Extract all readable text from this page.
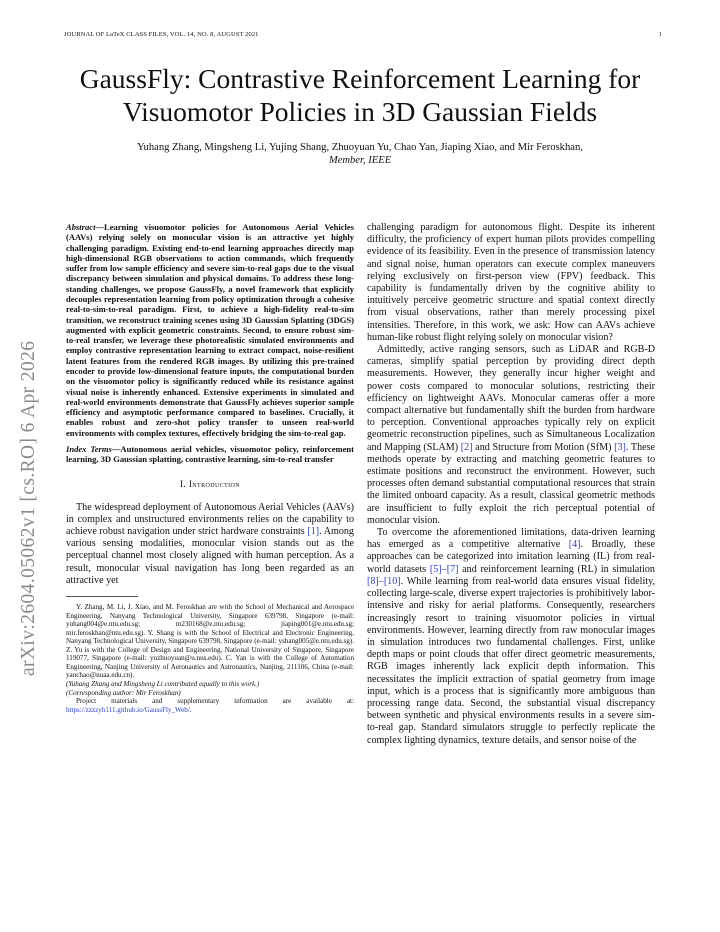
JOURNAL OF LaTeX CLASS FILES, VOL. 14, NO. 8, AUGUST 2021	1
arXiv:2604.05062v1 [cs.RO] 6 Apr 2026
GaussFly: Contrastive Reinforcement Learning for Visuomotor Policies in 3D Gaussian Fields
Yuhang Zhang, Mingsheng Li, Yujing Shang, Zhuoyuan Yu, Chao Yan, Jiaping Xiao, and Mir Feroskhan,
Member, IEEE
Abstract—Learning visuomotor policies for Autonomous Aerial Vehicles (AAVs) relying solely on monocular vision is an attractive yet highly challenging paradigm. Existing end-to-end learning approaches directly map high-dimensional RGB observations to action commands, which frequently suffer from low sample efficiency and severe sim-to-real gaps due to the visual discrepancy between simulation and physical domains. To address these long-standing challenges, we propose GaussFly, a novel framework that explicitly decouples representation learning from policy optimization through a cohesive real-to-sim-to-real paradigm. First, to achieve a high-fidelity real-to-sim transition, we reconstruct training scenes using 3D Gaussian Splatting (3DGS) augmented with explicit geometric constraints. Second, to ensure robust sim-to-real transfer, we leverage these photorealistic simulated environments and employ contrastive representation learning to extract compact, noise-resilient latent features from the rendered RGB images. By utilizing this pre-trained encoder to provide low-dimensional feature inputs, the computational burden on the visuomotor policy is significantly reduced while its resistance against visual noise is inherently enhanced. Extensive experiments in simulated and real-world environments demonstrate that GaussFly achieves superior sample efficiency and asymptotic performance compared to baselines. Crucially, it enables robust and zero-shot policy transfer to unseen real-world environments with complex textures, effectively bridging the sim-to-real gap.
Index Terms—Autonomous aerial vehicles, visuomotor policy, reinforcement learning, 3D Gaussian splatting, contrastive learning, sim-to-real transfer
I. Introduction

The widespread deployment of Autonomous Aerial Vehicles (AAVs) in complex and unstructured environments relies on the capability to achieve robust navigation under strict hardware constraints [1]. Among various sensing modalities, monocular vision stands out as the perceptual channel most closely aligned with human perception. As a result, monocular visual navigation has long been regarded as an attractive yet

Y. Zhang, M. Li, J. Xiao, and M. Feroskhan are with the School of Mechanical and Aerospace Engineering, Nanyang Technological University, Singapore 639798, Singapore (e-mail: yuhang004@e.ntu.edu.sg; m230168@e.ntu.edu.sg; jiaping001@e.ntu.edu.sg; mir.feroskhan@ntu.edu.sg). Y. Shang is with the School of Electrical and Electronic Engineering, Nanyang Technological University, Singapore 639798, Singapore (e-mail: yshang005@e.ntu.edu.sg). Z. Yu is with the College of Design and Engineering, National University of Singapore, Singapore 119077, Singapore (e-mail: yuzhuoyuan@u.nus.edu). C. Yan is with the College of Automation Engineering, Nanjing University of Aeronautics and Astronautics, Nanjing, 211106, China (e-mail: yanchao@nuaa.edu.cn).
(Yuhang Zhang and Mingsheng Li contributed equally to this work.)
(Corresponding author: Mir Feroskhan)

Project materials and supplementary information are available at: https://zzzzyh111.github.io/GaussFly_Web/.

challenging paradigm for autonomous flight. Despite its inherent difficulty, the proficiency of expert human pilots provides compelling evidence of its feasibility. Even in the presence of transmission latency and signal noise, human operators can execute complex maneuvers relying exclusively on first-person view (FPV) feedback. This capability is fundamentally driven by the cognitive ability to intuitively perceive geometric structure and spatial context directly from visual observations, rather than merely processing pixel intensities. Therefore, in this work, we ask: How can AAVs achieve human-like robust flight relying solely on monocular vision?

Admittedly, active ranging sensors, such as LiDAR and RGB-D cameras, simplify spatial perception by providing direct depth measurements. However, they generally incur higher weight and power costs compared to monocular solutions, restricting their efficiency on lightweight AAVs. Monocular cameras offer a more compact alternative but fundamentally shift the burden from hardware to perception. Conventional approaches typically rely on explicit geometric reconstruction pipelines, such as Simultaneous Localization and Mapping (SLAM) [2] and Structure from Motion (SfM) [3]. These methods operate by extracting and matching geometric features to estimate positions and reconstruct the environment. However, such processes often demand substantial computational resources that strain the limited onboard capacity. As a result, classical geometric methods are insufficient to fully exploit the rich perceptual potential of monocular vision.

To overcome the aforementioned limitations, data-driven learning has emerged as a competitive alternative [4]. Broadly, these approaches can be categorized into imitation learning (IL) from real-world datasets [5]–[7] and reinforcement learning (RL) in simulation [8]–[10]. While learning from real-world data ensures visual fidelity, collecting large-scale, diverse expert trajectories is prohibitively labor-intensive and risky for aerial platforms. Consequently, researchers increasingly resort to training visuomotor policies in virtual environments. However, learning directly from raw monocular images in simulation introduces two fundamental challenges. First, unlike depth maps or point clouds that offer direct geometric measurements, RGB images inherently lack explicit depth information. This necessitates the implicit extraction of spatial geometry from image input, which is a process that is significantly more ambiguous than processing range data. Second, the substantial visual discrepancy between synthetic and physical environments results in a severe sim-to-real gap. Standard simulators struggle to perfectly replicate the complex lighting dynamics, texture details, and sensor noise of the
